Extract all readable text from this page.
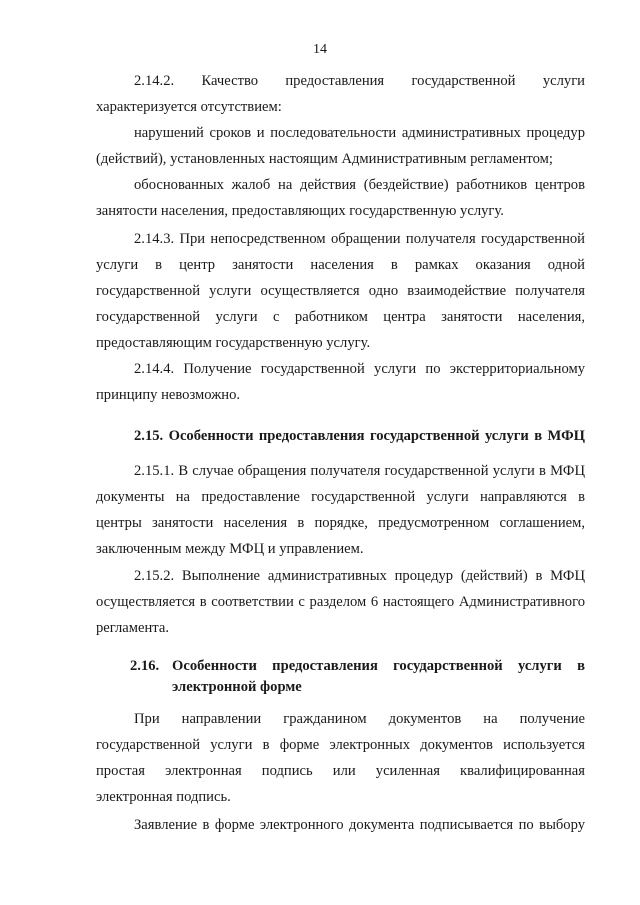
14
2.14.2. Качество предоставления государственной услуги
характеризуется отсутствием:
нарушений сроков и последовательности административных процедур
(действий), установленных настоящим Административным регламентом;
обоснованных жалоб на действия (бездействие) работников центров
занятости населения, предоставляющих государственную услугу.
2.14.3. При непосредственном обращении получателя государственной
услуги в центр занятости населения в рамках оказания одной
государственной услуги осуществляется одно взаимодействие получателя
государственной услуги с работником центра занятости населения,
предоставляющим государственную услугу.
2.14.4. Получение государственной услуги по экстерриториальному
принципу невозможно.
2.15. Особенности предоставления государственной услуги в МФЦ
2.15.1. В случае обращения получателя государственной услуги в МФЦ
документы на предоставление государственной услуги направляются в
центры занятости населения в порядке, предусмотренном соглашением,
заключенным между МФЦ и управлением.
2.15.2. Выполнение административных процедур (действий) в МФЦ
осуществляется в соответствии с разделом 6 настоящего Административного
регламента.
2.16. Особенности предоставления государственной услуги в
электронной форме
При направлении гражданином документов на получение
государственной услуги в форме электронных документов используется
простая электронная подпись или усиленная квалифицированная
электронная подпись.
Заявление в форме электронного документа подписывается по выбору
